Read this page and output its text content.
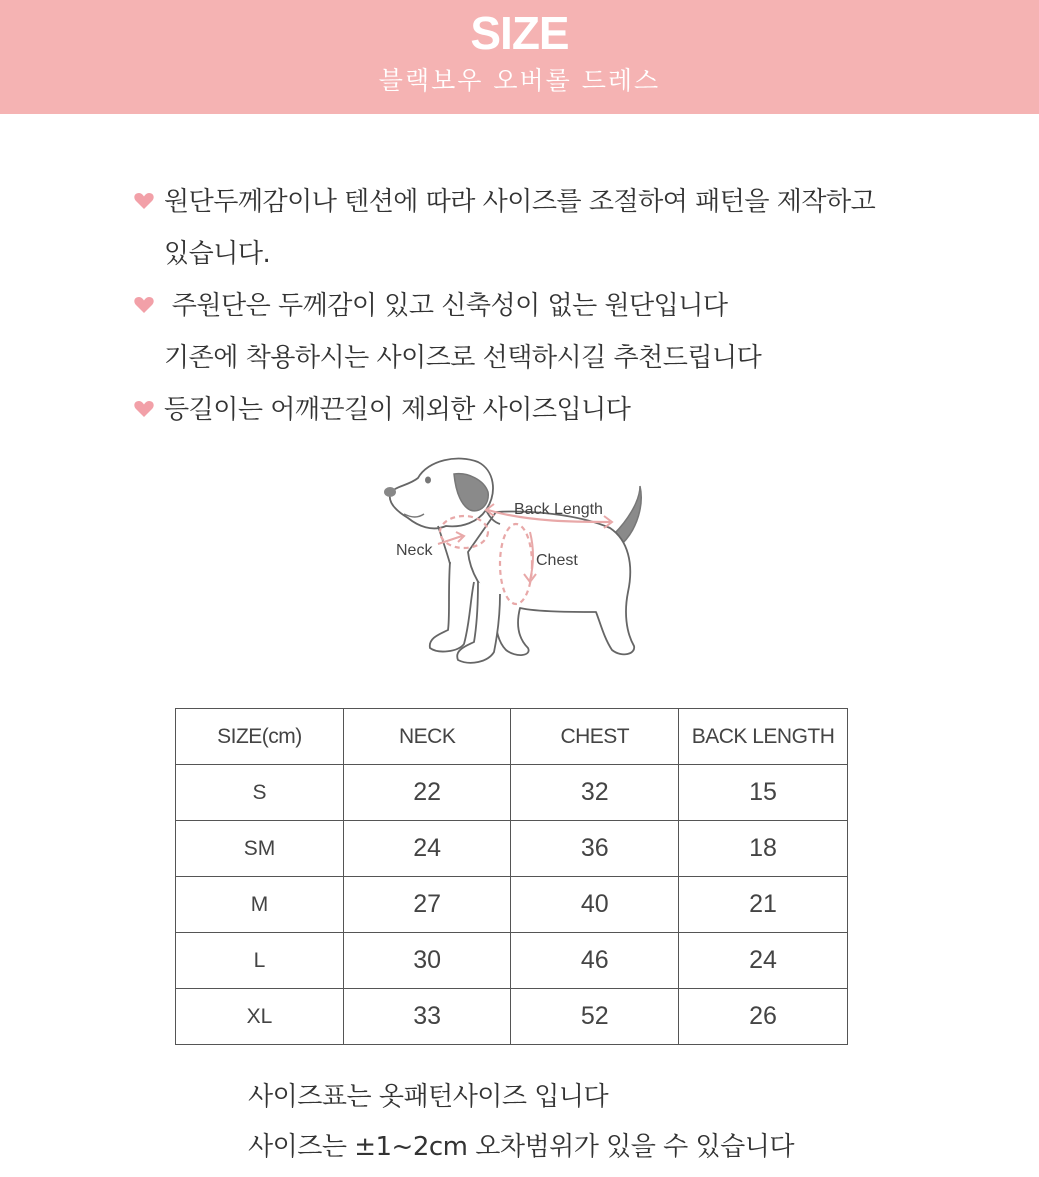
SIZE
블랙보우 오버롤 드레스
원단두께감이나 텐션에 따라 사이즈를 조절하여 패턴을 제작하고
있습니다.
주원단은 두께감이 있고 신축성이 없는 원단입니다
기존에 착용하시는 사이즈로 선택하시길 추천드립니다
등길이는 어깨끈길이 제외한 사이즈입니다
Back Length
Neck
Chest
SIZE(cm)	NECK	CHEST	BACK LENGTH
S	22	32	15
SM	24	36	18
M	27	40	21
L	30	46	24
XL	33	52	26
사이즈표는 옷패턴사이즈 입니다
사이즈는 ±1~2cm 오차범위가 있을 수 있습니다
